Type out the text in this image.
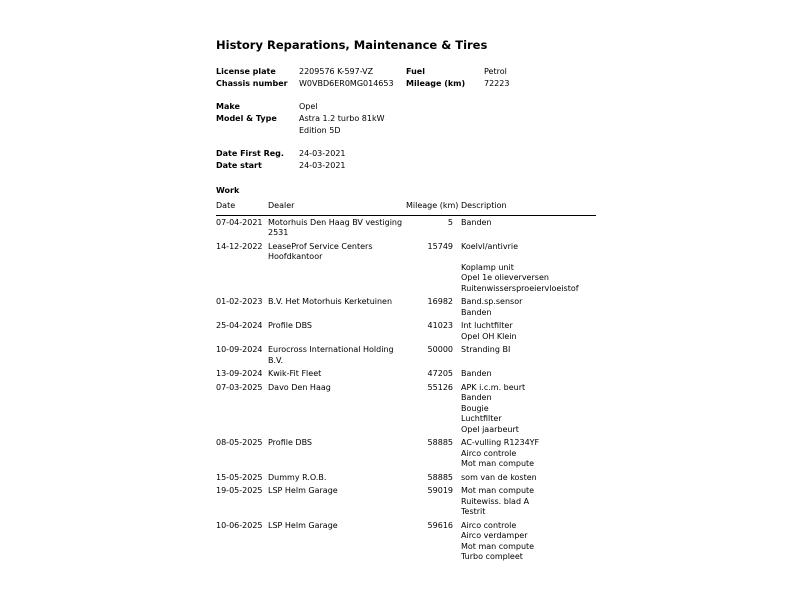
History Reparations, Maintenance & Tires
License plate	2209576 K-597-VZ	Fuel	Petrol
Chassis number	W0VBD6ER0MG014653	Mileage (km)	72223
Make	Opel
Model & Type	Astra 1.2 turbo 81kW Edition 5D
Date First Reg.	24-03-2021
Date start	24-03-2021
Work
Date	Dealer	Mileage (km)	Description
07-04-2021	Motorhuis Den Haag BV vestiging 2531	5	Banden

14-12-2022	LeaseProf Service Centers Hoofdkantoor	15749	Koelvl/antivrie

Koplamp unit
Opel 1e olieverversen
Ruitenwissersproeiervloeistof

01-02-2023	B.V. Het Motorhuis Kerketuinen	16982	Band.sp.sensor
Banden

25-04-2024	Profile DBS	41023	Int luchtfilter
Opel OH Klein

10-09-2024	Eurocross International Holding B.V.	50000	Stranding BI

13-09-2024	Kwik-Fit Fleet	47205	Banden

07-03-2025	Davo Den Haag	55126	APK i.c.m. beurt
Banden
Bougie
Luchtfilter
Opel jaarbeurt

08-05-2025	Profile DBS	58885	AC-vulling R1234YF
Airco controle
Mot man compute

15-05-2025	Dummy R.O.B.	58885	som van de kosten

19-05-2025	LSP Helm Garage	59019	Mot man compute
Ruitewiss. blad A
Testrit

10-06-2025	LSP Helm Garage	59616	Airco controle
Airco verdamper
Mot man compute
Turbo compleet
